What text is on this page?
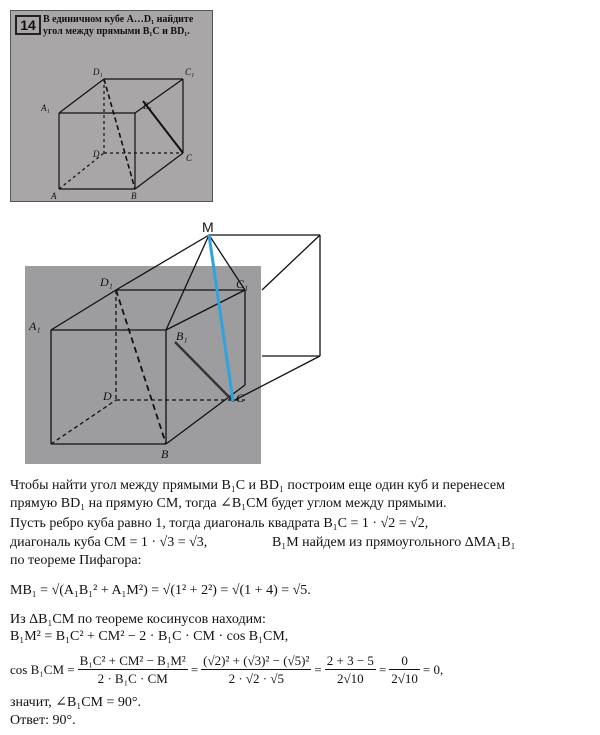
14 В единичном кубе A…D₁ найдите угол между прямыми B₁C и BD₁.
D₁	C₁
A₁	B₁
D	C
A	B
M
D₁	C₁
A₁
B₁
D	C
B
Чтобы найти угол между прямыми B₁C и BD₁ построим еще один куб и перенесем
прямую BD₁ на прямую CM, тогда ∠B₁CM будет углом между прямыми.
Пусть ребро куба равно 1, тогда диагональ квадрата B₁C = 1 · √2 = √2,
диагональ куба CM = 1 · √3 = √3,	B₁M найдем из прямоугольного ΔMA₁B₁
по теореме Пифагора:
MB₁ = √(A₁B₁² + A₁M²) = √(1² + 2²) = √(1 + 4) = √5.
Из ΔB₁CM по теореме косинусов находим:
B₁M² = B₁C² + CM² − 2 · B₁C · CM · cos B₁CM,
$\cos B_1CM = \frac{\text{B₁C² + CM² − B₁M²}}{\text{2 · B₁C · CM}} = \frac{\text{(√2)² + (√3)² − (√5)²}}{2 \cdot √2 \cdot √5} = \frac{2 + 3 - 5}{2√10} = \frac{0}{2√10} = 0$,
значит, ∠B₁CM = 90°.
Ответ: 90°.
